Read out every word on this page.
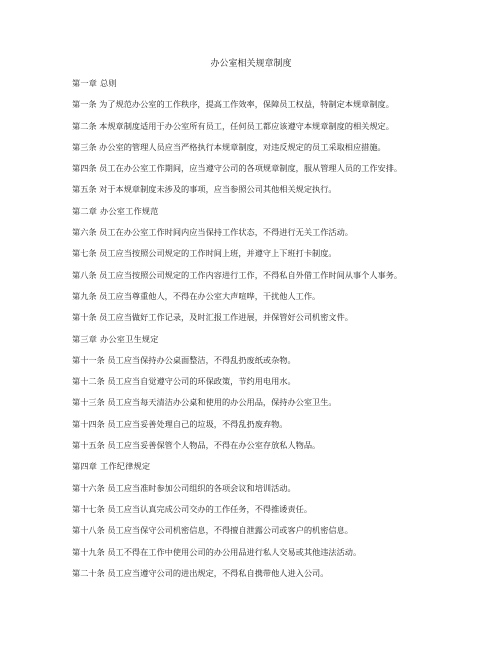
办公室相关规章制度
第一章 总则
第一条 为了规范办公室的工作秩序，提高工作效率，保障员工权益，特制定本规章制度。
第二条 本规章制度适用于办公室所有员工，任何员工都应该遵守本规章制度的相关规定。
第三条 办公室的管理人员应当严格执行本规章制度，对违反规定的员工采取相应措施。
第四条 员工在办公室工作期间，应当遵守公司的各项规章制度，服从管理人员的工作安排。
第五条 对于本规章制度未涉及的事项，应当参照公司其他相关规定执行。
第二章 办公室工作规范
第六条 员工在办公室工作时间内应当保持工作状态，不得进行无关工作活动。
第七条 员工应当按照公司规定的工作时间上班，并遵守上下班打卡制度。
第八条 员工应当按照公司规定的工作内容进行工作，不得私自外借工作时间从事个人事务。
第九条 员工应当尊重他人，不得在办公室大声喧哗，干扰他人工作。
第十条 员工应当做好工作记录，及时汇报工作进展，并保管好公司机密文件。
第三章 办公室卫生规定
第十一条 员工应当保持办公桌面整洁，不得乱扔废纸或杂物。
第十二条 员工应当自觉遵守公司的环保政策，节约用电用水。
第十三条 员工应当每天清洁办公桌和使用的办公用品，保持办公室卫生。
第十四条 员工应当妥善处理自己的垃圾，不得乱扔废弃物。
第十五条 员工应当妥善保管个人物品，不得在办公室存放私人物品。
第四章 工作纪律规定
第十六条 员工应当准时参加公司组织的各项会议和培训活动。
第十七条 员工应当认真完成公司交办的工作任务，不得推诿责任。
第十八条 员工应当保守公司机密信息，不得擅自泄露公司或客户的机密信息。
第十九条 员工不得在工作中使用公司的办公用品进行私人交易或其他违法活动。
第二十条 员工应当遵守公司的进出规定，不得私自携带他人进入公司。
